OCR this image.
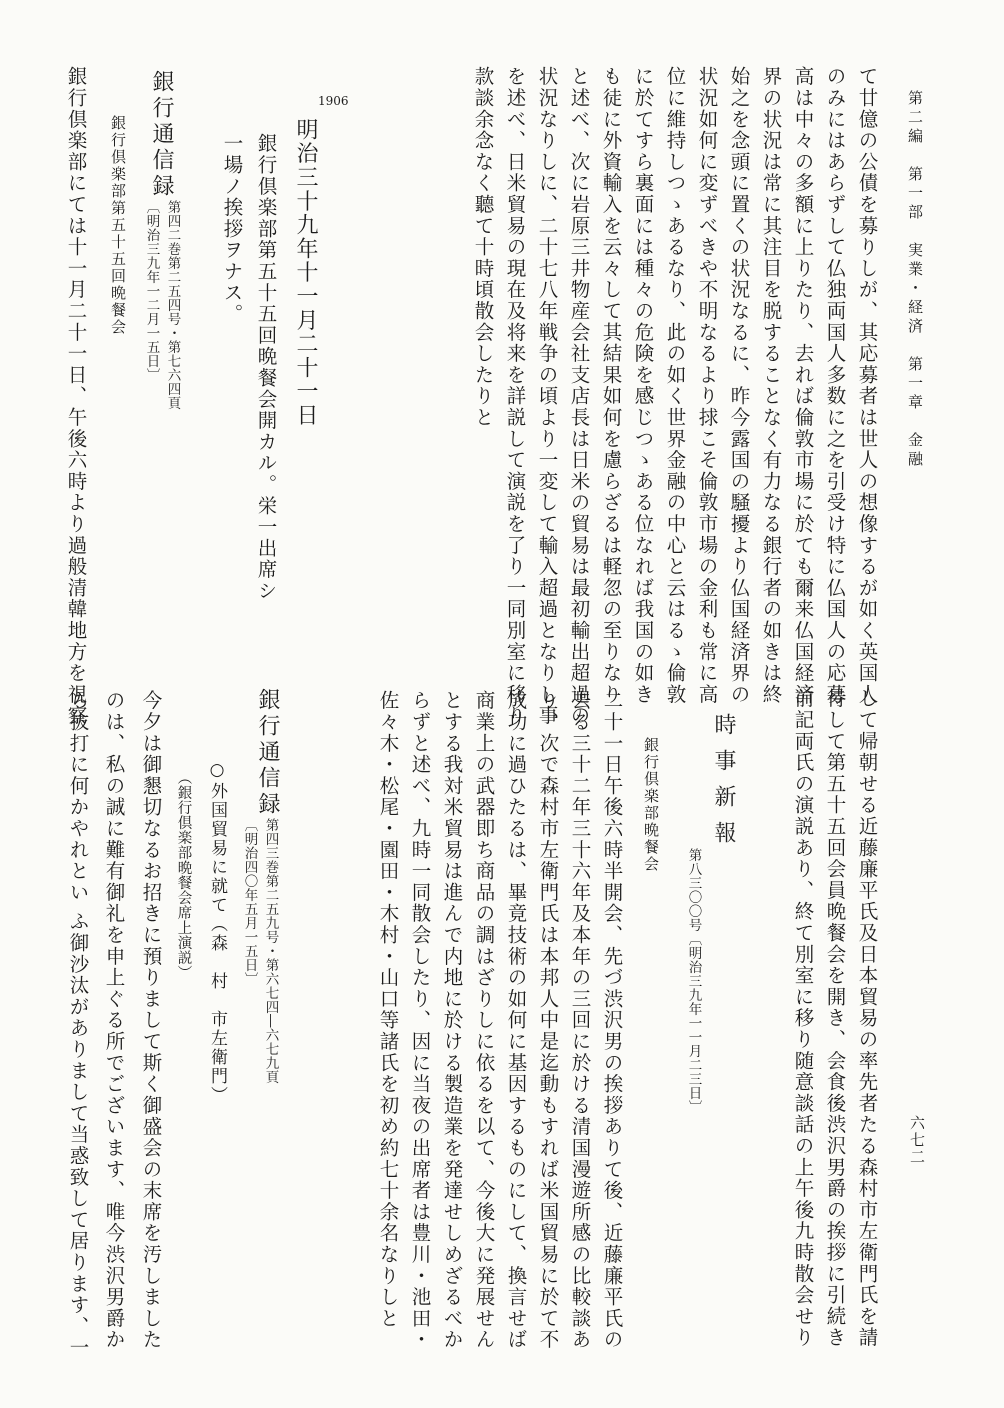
第二編　第一部　実業・経済　第一章　金融
六七二
て廿億の公債を募りしが、其応募者は世人の想像するが如く英国人
のみにはあらずして仏独両国人多数に之を引受け特に仏国人の応募
高は中々の多額に上りたり、去れば倫敦市場に於ても爾来仏国経済
界の状況は常に其注目を脱することなく有力なる銀行者の如きは終
始之を念頭に置くの状況なるに、昨今露国の騒擾より仏国経済界の
状況如何に変ずべきや不明なるより捄こそ倫敦市場の金利も常に高
位に維持しつゝあるなり、此の如く世界金融の中心と云はるゝ倫敦
に於てすら裏面には種々の危険を感じつゝある位なれば我国の如き
も徒に外資輸入を云々して其結果如何を慮らざるは軽忽の至りなり
と述べ、次に岩原三井物産会社支店長は日米の貿易は最初輸出超過の
状況なりしに、二十七八年戦争の頃より一変して輸入超過となりし事
を述べ、日米貿易の現在及将来を詳説して演説を了り一同別室に移り
款談余念なく聽て十時頃散会したりと
1906
明治三十九年十一月二十一日
銀行倶楽部第五十五回晩餐会開カル。栄一出席シ
一場ノ挨拶ヲナス。
銀行通信録
第四二巻第二五四号・第七六四頁
〔明治三九年一二月一五日〕
銀行倶楽部第五十五回晩餐会
銀行倶楽部にては十一月二十一日、午後六時より過般清韓地方を視察
して帰朝せる近藤廉平氏及日本貿易の率先者たる森村市左衛門氏を請
待して第五十五回会員晩餐会を開き、会食後渋沢男爵の挨拶に引続き
前記両氏の演説あり、終て別室に移り随意談話の上午後九時散会せり
時事新報
第八三〇〇号〔明治三九年一一月二三日〕
銀行倶楽部晩餐会
二十一日午後六時半開会、先づ渋沢男の挨拶ありて後、近藤廉平氏の
去る三十二年三十六年及本年の三回に於ける清国漫遊所感の比較談あ
り、次で森村市左衛門氏は本邦人中是迄動もすれば米国貿易に於て不
成功に過ひたるは、畢竟技術の如何に基因するものにして、換言せば
商業上の武器即ち商品の調はざりしに依るを以て、今後大に発展せん
とする我対米貿易は進んで内地に於ける製造業を発達せしめざるべか
らずと述べ、九時一同散会したり、因に当夜の出席者は豊川・池田・
佐々木・松尾・園田・木村・山口等諸氏を初め約七十余名なりしと
銀行通信録
第四三巻第二五九号・第六七四―六七九頁
〔明治四〇年五月一五日〕
○外国貿易に就て（森　村　市左衛門）
（銀行倶楽部晩餐会席上演説）
今夕は御懇切なるお招きに預りまして斯く御盛会の末席を汚しました
のは、私の誠に難有御礼を申上ぐる所でございます、唯今渋沢男爵か
ら抜打に何かやれとい ふ御沙汰がありまして当惑致して居ります、一
